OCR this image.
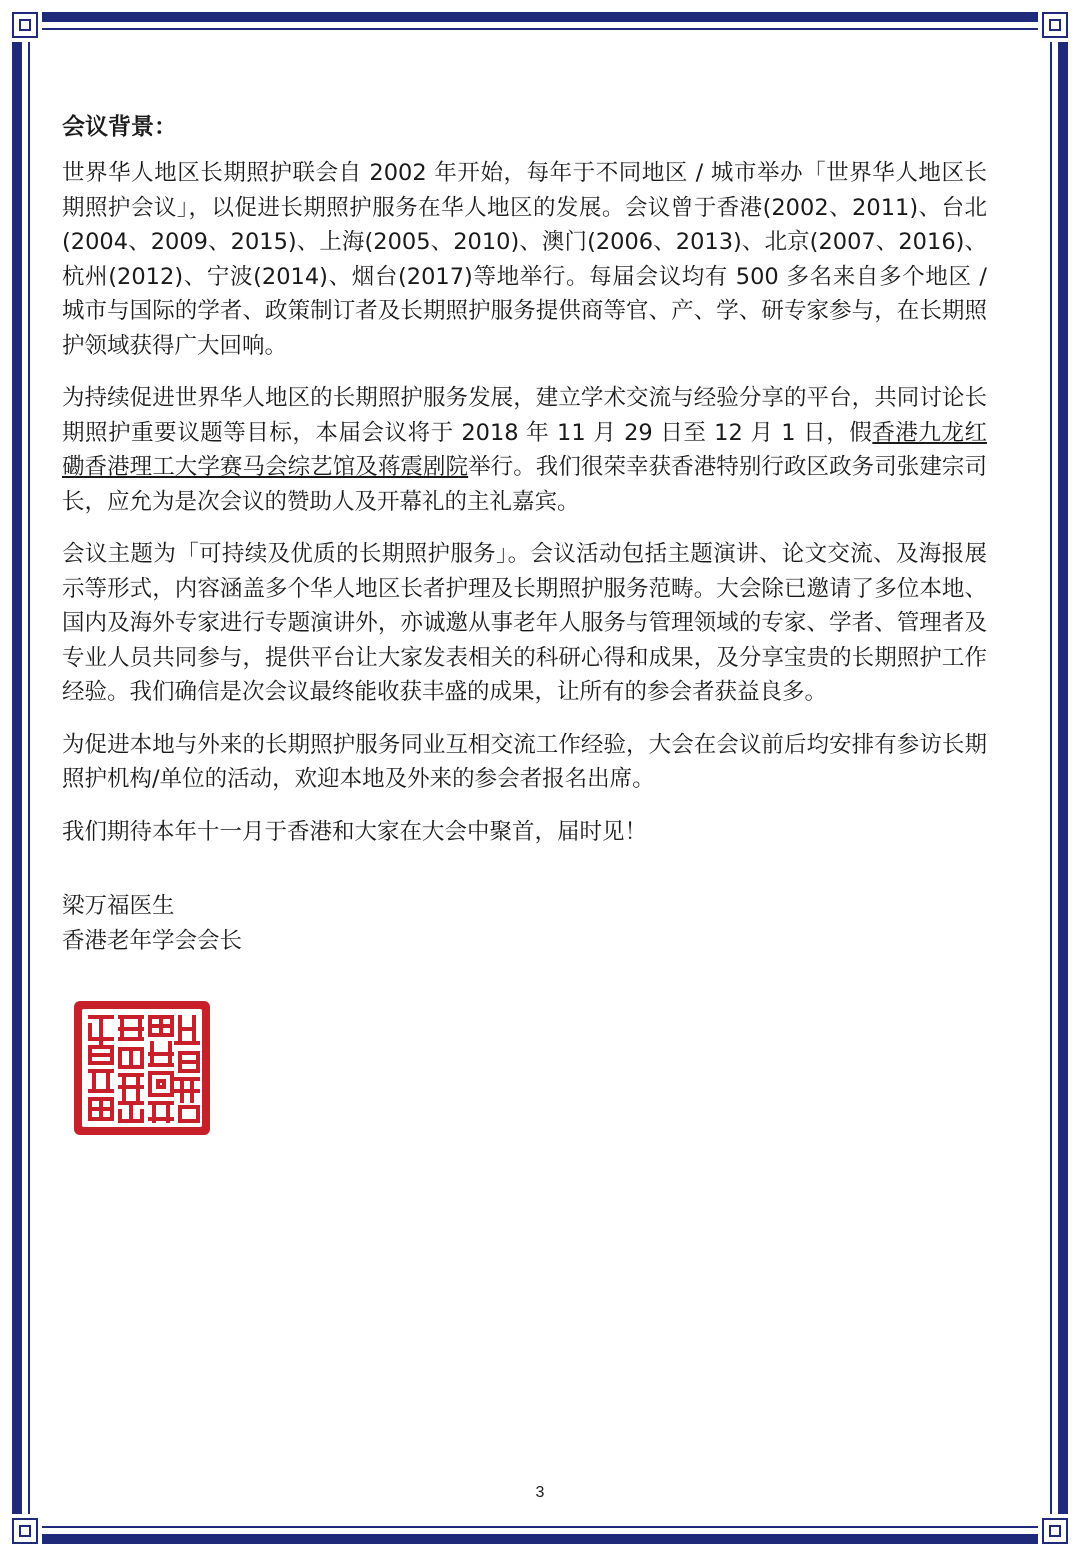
会议背景：

世界华人地区长期照护联会自 2002 年开始，每年于不同地区 / 城市举办「世界华人地区长期照护会议」，以促进长期照护服务在华人地区的发展。会议曾于香港(2002、2011)、台北(2004、2009、2015)、上海(2005、2010)、澳门(2006、2013)、北京(2007、2016)、杭州(2012)、宁波(2014)、烟台(2017)等地举行。每届会议均有 500 多名来自多个地区 / 城市与国际的学者、政策制订者及长期照护服务提供商等官、产、学、研专家参与，在长期照护领域获得广大回响。

为持续促进世界华人地区的长期照护服务发展，建立学术交流与经验分享的平台，共同讨论长期照护重要议题等目标，本届会议将于 2018 年 11 月 29 日至 12 月 1 日，假香港九龙红磡香港理工大学赛马会综艺馆及蒋震剧院举行。我们很荣幸获香港特别行政区政务司张建宗司长，应允为是次会议的赞助人及开幕礼的主礼嘉宾。

会议主题为「可持续及优质的长期照护服务」。会议活动包括主题演讲、论文交流、及海报展示等形式，内容涵盖多个华人地区长者护理及长期照护服务范畴。大会除已邀请了多位本地、国内及海外专家进行专题演讲外，亦诚邀从事老年人服务与管理领域的专家、学者、管理者及专业人员共同参与，提供平台让大家发表相关的科研心得和成果，及分享宝贵的长期照护工作经验。我们确信是次会议最终能收获丰盛的成果，让所有的参会者获益良多。

为促进本地与外来的长期照护服务同业互相交流工作经验，大会在会议前后均安排有参访长期照护机构/单位的活动，欢迎本地及外来的参会者报名出席。

我们期待本年十一月于香港和大家在大会中聚首，届时见！

梁万福医生
香港老年学会会长
3
